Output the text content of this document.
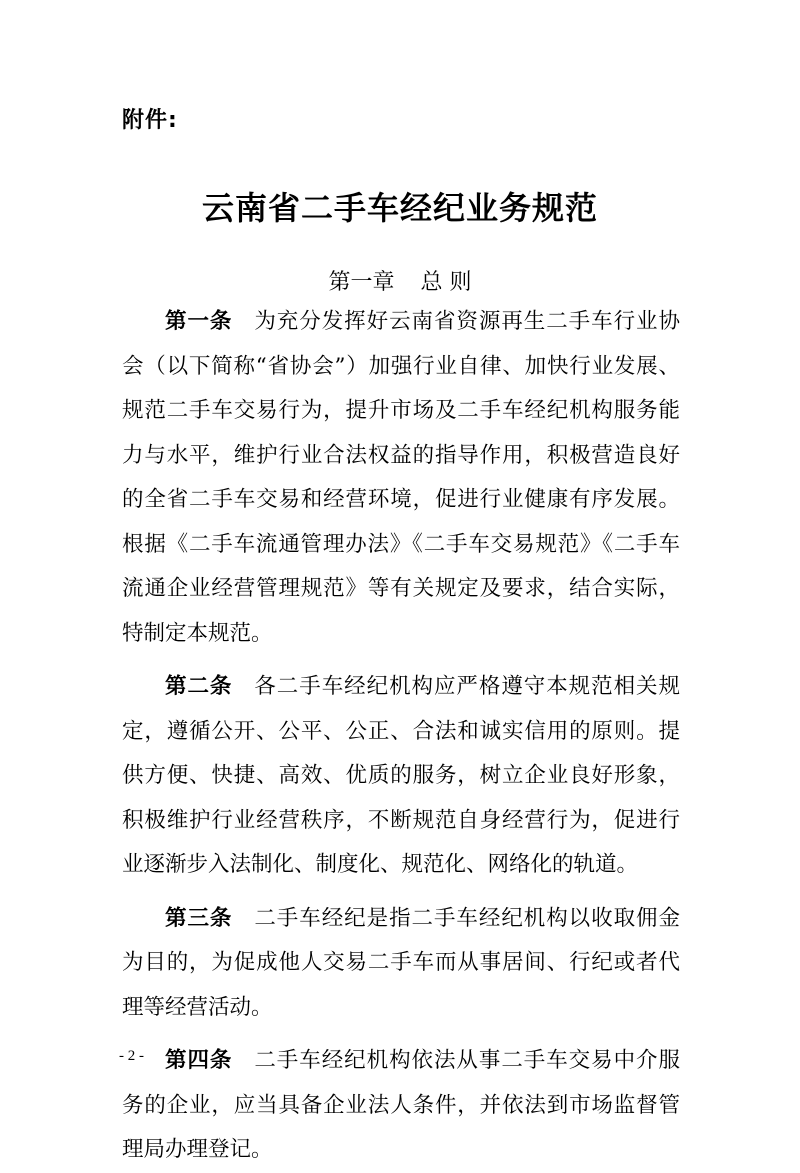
附件:
云南省二手车经纪业务规范
第一章 总 则

第一条 为充分发挥好云南省资源再生二手车行业协会（以下简称“省协会”）加强行业自律、加快行业发展、规范二手车交易行为，提升市场及二手车经纪机构服务能力与水平，维护行业合法权益的指导作用，积极营造良好的全省二手车交易和经营环境，促进行业健康有序发展。根据《二手车流通管理办法》《二手车交易规范》《二手车流通企业经营管理规范》等有关规定及要求，结合实际，特制定本规范。

第二条 各二手车经纪机构应严格遵守本规范相关规定，遵循公开、公平、公正、合法和诚实信用的原则。提供方便、快捷、高效、优质的服务，树立企业良好形象，积极维护行业经营秩序，不断规范自身经营行为，促进行业逐渐步入法制化、制度化、规范化、网络化的轨道。

第三条 二手车经纪是指二手车经纪机构以收取佣金为目的，为促成他人交易二手车而从事居间、行纪或者代理等经营活动。

第四条 二手车经纪机构依法从事二手车交易中介服务的企业，应当具备企业法人条件，并依法到市场监督管理局办理登记。

- 2 -
